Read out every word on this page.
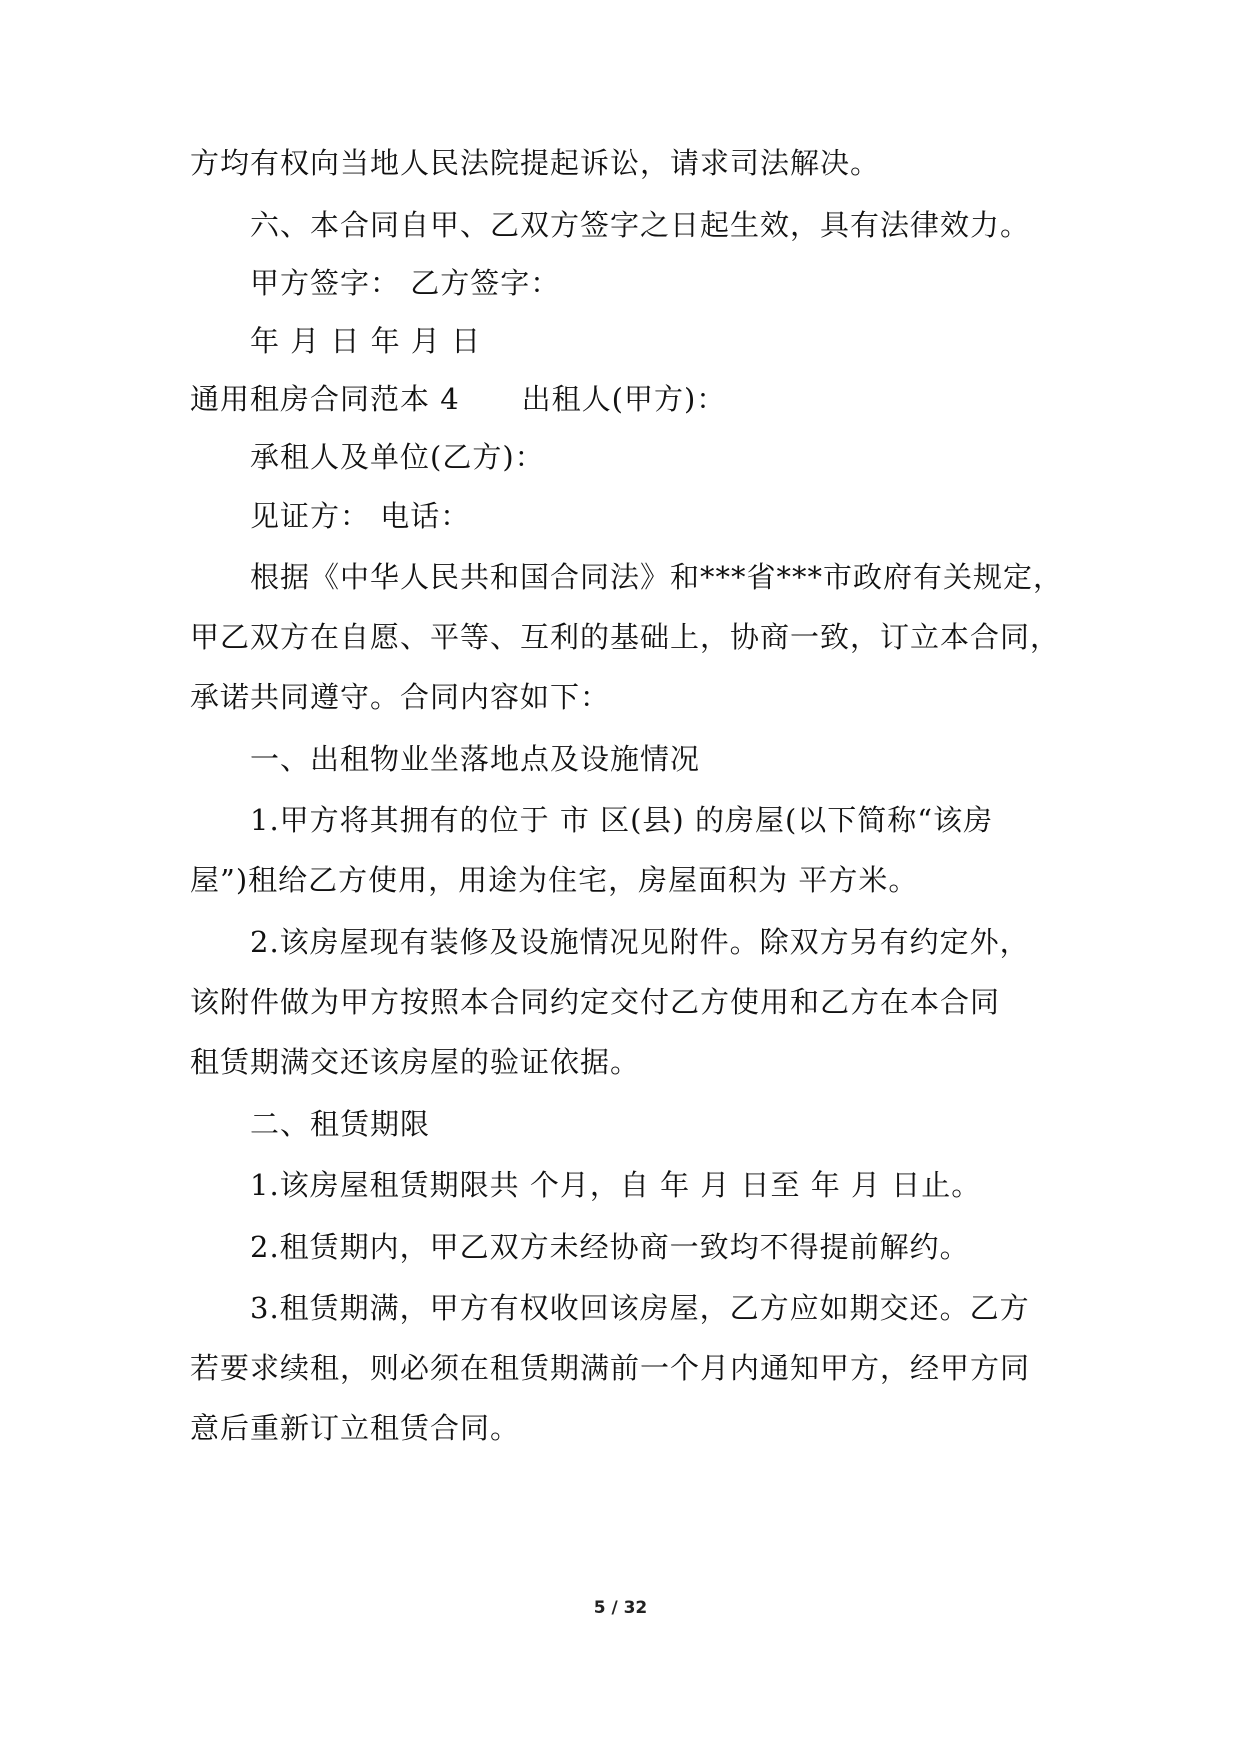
方均有权向当地人民法院提起诉讼，请求司法解决。
六、本合同自甲、乙双方签字之日起生效，具有法律效力。
甲方签字： 乙方签字：
年 月 日 年 月 日
通用租房合同范本 4 出租人(甲方)：
承租人及单位(乙方)：
见证方： 电话：
根据《中华人民共和国合同法》和***省***市政府有关规定，
甲乙双方在自愿、平等、互利的基础上，协商一致，订立本合同，
承诺共同遵守。合同内容如下：
一、出租物业坐落地点及设施情况
1.甲方将其拥有的位于 市 区(县) 的房屋(以下简称“该房
屋”)租给乙方使用，用途为住宅，房屋面积为 平方米。
2.该房屋现有装修及设施情况见附件。除双方另有约定外，
该附件做为甲方按照本合同约定交付乙方使用和乙方在本合同
租赁期满交还该房屋的验证依据。
二、租赁期限
1.该房屋租赁期限共 个月，自 年 月 日至 年 月 日止。
2.租赁期内，甲乙双方未经协商一致均不得提前解约。
3.租赁期满，甲方有权收回该房屋，乙方应如期交还。乙方
若要求续租，则必须在租赁期满前一个月内通知甲方，经甲方同
意后重新订立租赁合同。
5 / 32
